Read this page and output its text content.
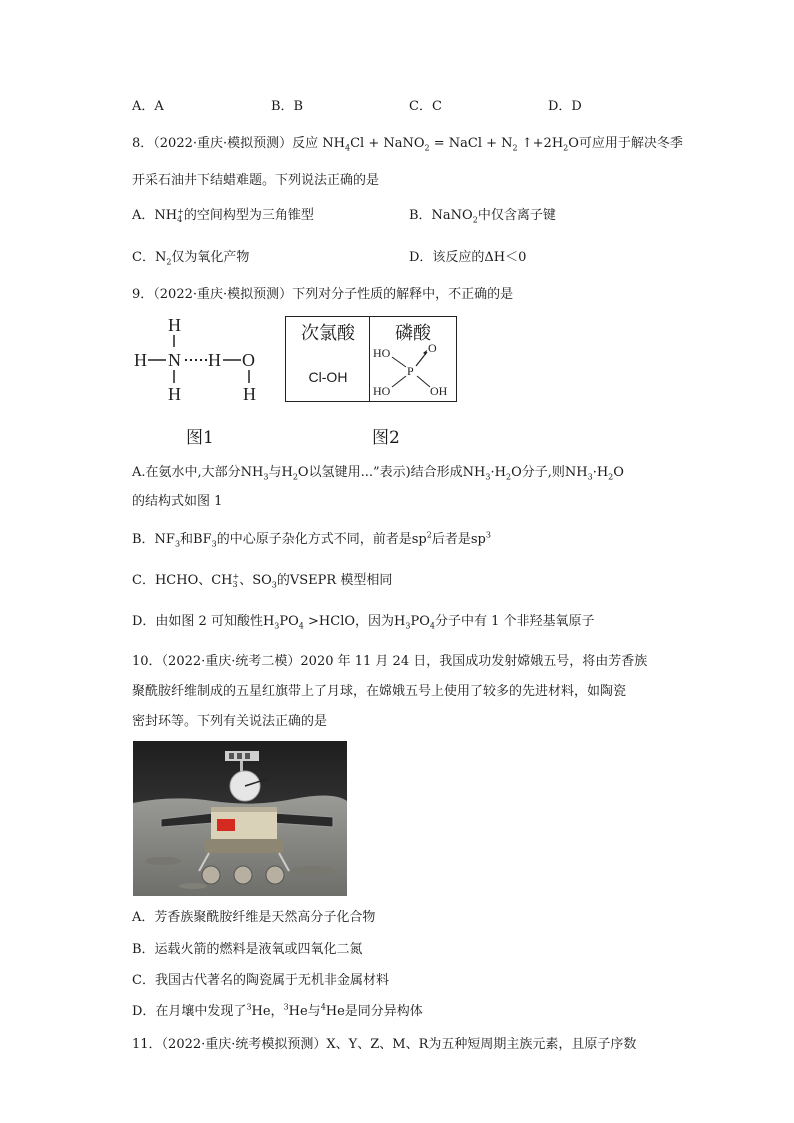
A．A	B．B	C．C	D．D
8．（2022·重庆·模拟预测）反应 $NH_4Cl$ + NaNO$_2$ = NaCl + $N_2$ $↑+2H_2O$可应用于解决冬季
开采石油井下结蜡难题。下列说法正确的是
A．NH +
4 的空间构型为三角锥型	B．NaNO$_2$中仅含离子键
C．$N_2$仅为氧化产物	D．该反应的ΔH＜0
9．（2022·重庆·模拟预测）下列对分子性质的解释中，不正确的是
H
H N
H
H O
H
次氯酸
Cl-OH
磷酸
HO	O
P
HO	OH
图1	图2
A.在氨水中,大部分$NH_3$与$H_2O$以氢键用...”表示)结合形成$NH_3\cdot H_2O$分子,则$NH_3\cdot H_2O$
的结构式如图 1
B．$NF_3$和$BF_3$的中心原子杂化方式不同，前者是$sp^2$后者是$sp^3$
C．HCHO、CH +
3 、$SO_3$的VSEPR 模型相同
D．由如图 2 可知酸性$H_3PO_4$ >HClO，因为$H_3PO_4$分子中有 1 个非羟基氧原子
10．（2022·重庆·统考二模）2020 年 11 月 24 日，我国成功发射嫦娥五号，将由芳香族
聚酰胺纤维制成的五星红旗带上了月球，在嫦娥五号上使用了较多的先进材料，如陶瓷
密封环等。下列有关说法正确的是
A．芳香族聚酰胺纤维是天然高分子化合物
B．运载火箭的燃料是液氧或四氧化二氮
C．我国古代著名的陶瓷属于无机非金属材料
D．在月壤中发现了$^3$He，$^3$He与$^4$He是同分异构体
11．（2022·重庆·统考模拟预测）X、Y、Z、M、R为五种短周期主族元素，且原子序数
